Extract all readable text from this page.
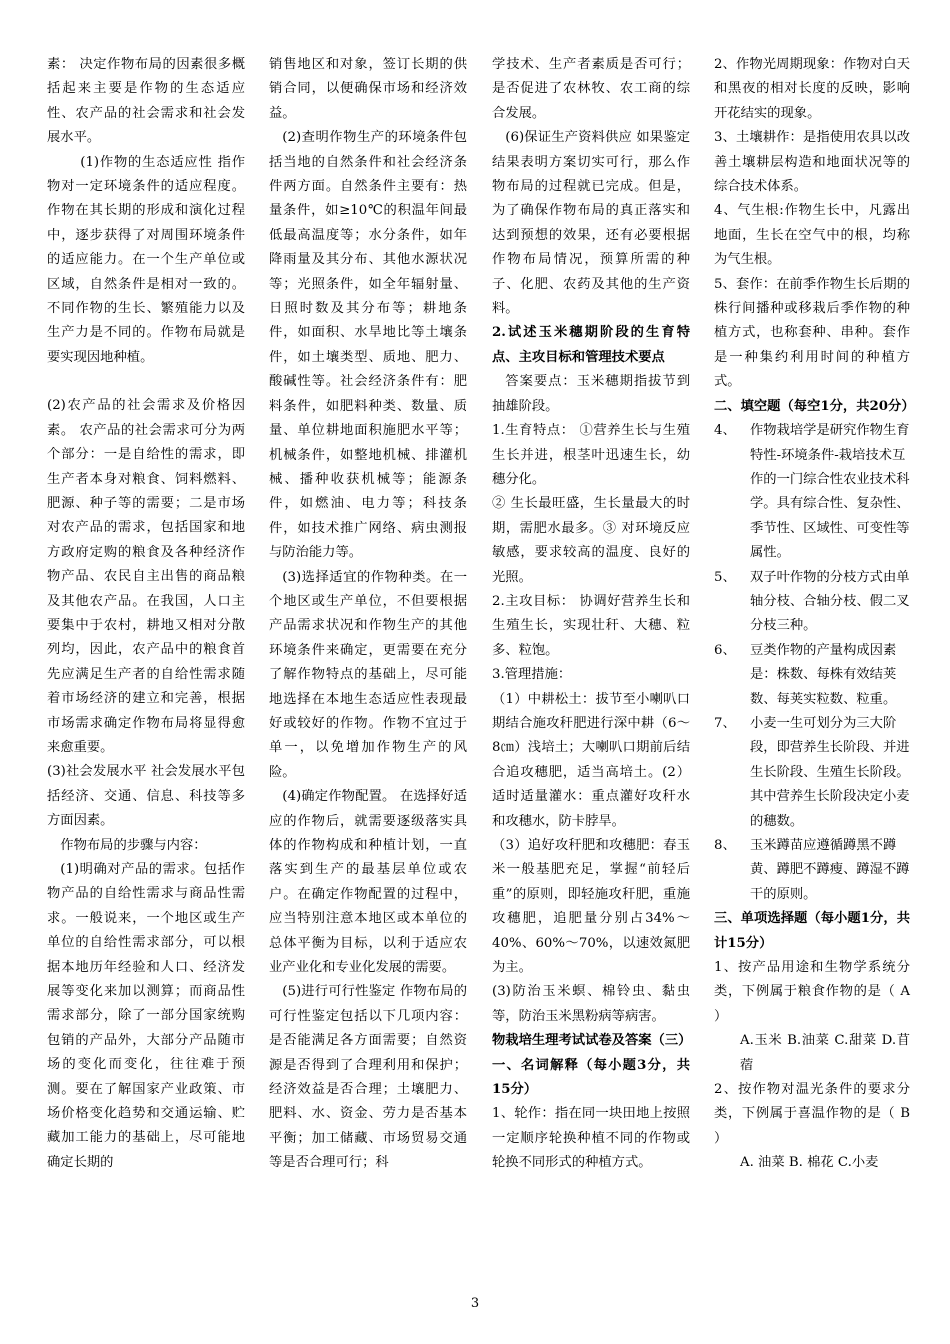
素： 决定作物布局的因素很多概括起来主要是作物的生态适应性、农产品的社会需求和社会发展水平。

(1)作物的生态适应性 指作物对一定环境条件的适应程度。作物在其长期的形成和演化过程中，逐步获得了对周围环境条件的适应能力。在一个生产单位或区域，自然条件是相对一致的。不同作物的生长、繁殖能力以及生产力是不同的。作物布局就是要实现因地种植。

(2)农产品的社会需求及价格因素。 农产品的社会需求可分为两个部分：一是自给性的需求，即生产者本身对粮食、饲料燃料、肥源、种子等的需要；二是市场对农产品的需求，包括国家和地方政府定购的粮食及各种经济作物产品、农民自主出售的商品粮及其他农产品。在我国，人口主要集中于农村，耕地又相对分散列均，因此，农产品中的粮食首先应满足生产者的自给性需求随着市场经济的建立和完善，根据市场需求确定作物布局将显得愈来愈重要。

(3)社会发展水平 社会发展水平包括经济、交通、信息、科技等多方面因素。

作物布局的步骤与内容：

(1)明确对产品的需求。包括作物产品的自给性需求与商品性需求。一般说来，一个地区或生产单位的自给性需求部分，可以根据本地历年经验和人口、经济发展等变化来加以测算；而商品性需求部分，除了一部分国家统购包销的产品外，大部分产品随市场的变化而变化，往往难于预测。要在了解国家产业政策、市场价格变化趋势和交通运输、贮藏加工能力的基础上，尽可能地确定长期的

销售地区和对象，签订长期的供销合同，以便确保市场和经济效益。

(2)查明作物生产的环境条件包括当地的自然条件和社会经济条件两方面。自然条件主要有：热量条件，如≥10℃的积温年间最低最高温度等；水分条件，如年降雨量及其分布、其他水源状况等；光照条件，如全年辐射量、日照时数及其分布等；耕地条件，如面积、水旱地比等土壤条件，如土壤类型、质地、肥力、酸碱性等。社会经济条件有：肥料条件，如肥料种类、数量、质量、单位耕地面积施肥水平等；机械条件，如整地机械、排灌机械、播种收获机械等；能源条件，如燃油、电力等；科技条件，如技术推广网络、病虫测报与防治能力等。

(3)选择适宜的作物种类。在一个地区或生产单位，不但要根据产品需求状况和作物生产的其他环境条件来确定，更需要在充分了解作物特点的基础上，尽可能地选择在本地生态适应性表现最好或较好的作物。作物不宜过于单一，以免增加作物生产的风险。

(4)确定作物配置。 在选择好适应的作物后，就需要逐级落实具体的作物构成和种植计划，一直落实到生产的最基层单位或农户。在确定作物配置的过程中，应当特别注意本地区或本单位的总体平衡为目标，以利于适应农业产业化和专业化发展的需要。

(5)进行可行性鉴定 作物布局的可行性鉴定包括以下几项内容：是否能满足各方面需要；自然资源是否得到了合理利用和保护；经济效益是否合理；土壤肥力、肥料、水、资金、劳力是否基本平衡；加工储藏、市场贸易交通等是否合理可行；科

学技术、生产者素质是否可行；是否促进了农林牧、农工商的综合发展。

(6)保证生产资料供应 如果鉴定结果表明方案切实可行，那么作物布局的过程就已完成。但是，为了确保作物布局的真正落实和达到预想的效果，还有必要根据作物布局情况，预算所需的种子、化肥、农药及其他的生产资料。

2.试述玉米穗期阶段的生育特点、主攻目标和管理技术要点

答案要点：玉米穗期指拔节到抽雄阶段。

1.生育特点： ①营养生长与生殖生长并进，根茎叶迅速生长，幼穗分化。

② 生长最旺盛，生长量最大的时期，需肥水最多。③ 对环境反应敏感，要求较高的温度、良好的光照。

2.主攻目标： 协调好营养生长和生殖生长，实现壮秆、大穗、粒多、粒饱。

3.管理措施：

（1）中耕松土：拔节至小喇叭口期结合施攻秆肥进行深中耕（6～8㎝）浅培土；大喇叭口期前后结合追攻穗肥，适当高培土。(2）适时适量灌水：重点灌好攻秆水和攻穗水，防卡脖旱。

（3）追好攻秆肥和攻穗肥：春玉米一般基肥充足，掌握“前轻后重”的原则，即轻施攻秆肥，重施攻穗肥，追肥量分别占34%～40%、60%～70%，以速效氮肥为主。

(3)防治玉米螟、棉铃虫、黏虫等，防治玉米黑粉病等病害。

物栽培生理考试试卷及答案（三）

一、名词解释（每小题3分，共15分）

1、轮作：指在同一块田地上按照一定顺序轮换种植不同的作物或轮换不同形式的种植方式。

2、作物光周期现象：作物对白天和黑夜的相对长度的反映，影响开花结实的现象。

3、土壤耕作：是指使用农具以改善土壤耕层构造和地面状况等的综合技术体系。

4、气生根:作物生长中，凡露出地面，生长在空气中的根，均称为气生根。

5、套作：在前季作物生长后期的株行间播种或移栽后季作物的种植方式，也称套种、串种。套作是一种集约利用时间的种植方式。

二、填空题（每空1分，共20分）

4、	作物栽培学是研究作物生育特性-环境条件-栽培技术互作的一门综合性农业技术科学。具有综合性、复杂性、季节性、区域性、可变性等属性。
5、	双子叶作物的分枝方式由单轴分枝、合轴分枝、假二叉分枝三种。
6、	豆类作物的产量构成因素是：株数、每株有效结荚数、每荚实粒数、粒重。
7、	小麦一生可划分为三大阶段，即营养生长阶段、并进生长阶段、生殖生长阶段。其中营养生长阶段决定小麦的穗数。
8、	玉米蹲苗应遵循蹲黑不蹲黄、蹲肥不蹲瘦、蹲湿不蹲干的原则。

三、单项选择题（每小题1分，共计15分）

1、按产品用途和生物学系统分类，下例属于粮食作物的是（ A ）

A.玉米 B.油菜 C.甜菜 D.苜蓿

2、按作物对温光条件的要求分类，下例属于喜温作物的是（ B ）

A. 油菜 B. 棉花 C.小麦

3
